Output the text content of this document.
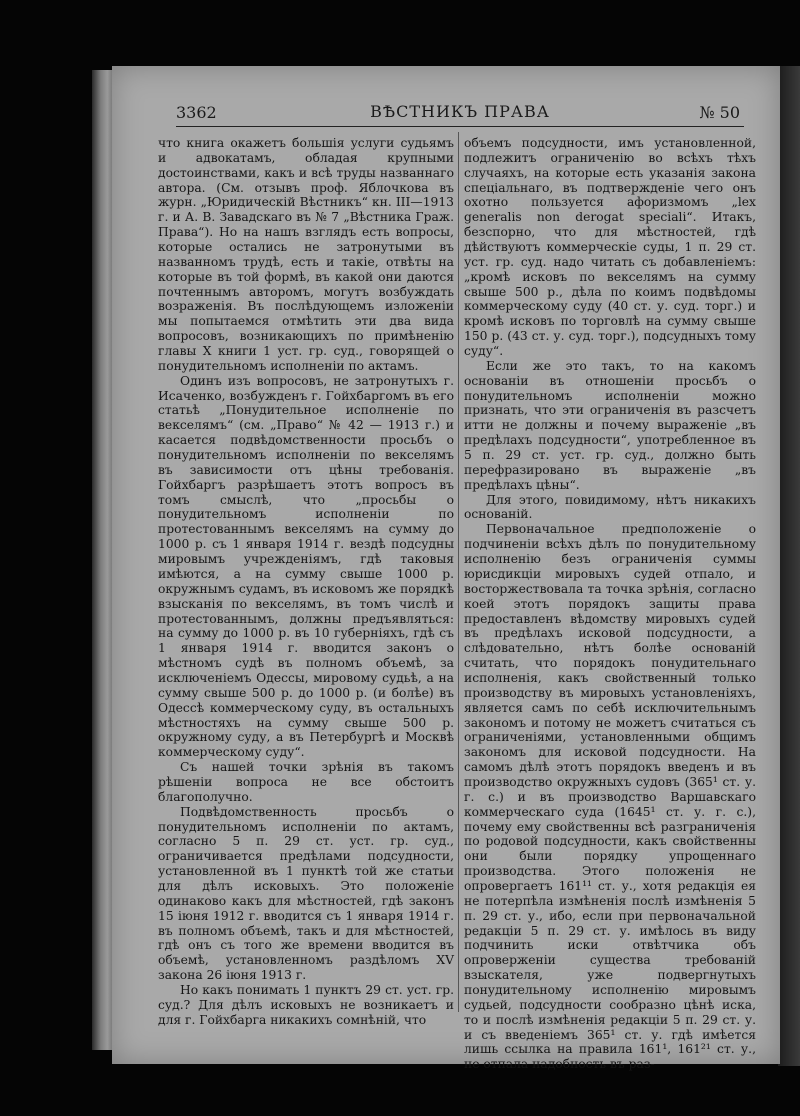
3362	ВѢСТНИКЪ ПРАВА	№ 50

что книга окажетъ большія услуги судьямъ и адвокатамъ, обладая крупными достоинствами, какъ и всѣ труды названнаго автора. (См. отзывъ проф. Яблочкова въ журн. „Юридическій Вѣстникъ“ кн. III—1913 г. и А. В. Завадскаго въ № 7 „Вѣстника Граж. Права“). Но на нашъ взглядъ есть вопросы, которые остались не затронутыми въ названномъ трудѣ, есть и такіе, отвѣты на которые въ той формѣ, въ какой они даются почтеннымъ авторомъ, могутъ возбуждать возраженія. Въ послѣдующемъ изложеніи мы попытаемся отмѣтить эти два вида вопросовъ, возникающихъ по примѣненію главы X книги 1 уст. гр. суд., говорящей о понудительномъ исполненіи по актамъ.

Одинъ изъ вопросовъ, не затронутыхъ г. Исаченко, возбужденъ г. Гойхбаргомъ въ его статьѣ „Понудительное исполненіе по векселямъ“ (см. „Право“ № 42 — 1913 г.) и касается подвѣдомственности просьбъ о понудительномъ исполненіи по векселямъ въ зависимости отъ цѣны требованія. Гойхбаргъ разрѣшаетъ этотъ вопросъ въ томъ смыслѣ, что „просьбы о понудительномъ исполненіи по протестованнымъ векселямъ на сумму до 1000 р. съ 1 января 1914 г. вездѣ подсудны мировымъ учрежденіямъ, гдѣ таковыя имѣются, а на сумму свыше 1000 р. окружнымъ судамъ, въ исковомъ же порядкѣ взысканія по векселямъ, въ томъ числѣ и протестованнымъ, должны предъявляться: на сумму до 1000 р. въ 10 губерніяхъ, гдѣ съ 1 января 1914 г. вводится законъ о мѣстномъ судѣ въ полномъ объемѣ, за исключеніемъ Одессы, мировому судьѣ, а на сумму свыше 500 р. до 1000 р. (и болѣе) въ Одессѣ коммерческому суду, въ остальныхъ мѣстностяхъ на сумму свыше 500 р. окружному суду, а въ Петербургѣ и Москвѣ коммерческому суду“.

Съ нашей точки зрѣнія въ такомъ рѣшеніи вопроса не все обстоитъ благополучно.

Подвѣдомственность просьбъ о понудительномъ исполненіи по актамъ, согласно 5 п. 29 ст. уст. гр. суд., ограничивается предѣлами подсудности, установленной въ 1 пунктѣ той же статьи для дѣлъ исковыхъ. Это положеніе одинаково какъ для мѣстностей, гдѣ законъ 15 іюня 1912 г. вводится съ 1 января 1914 г. въ полномъ объемѣ, такъ и для мѣстностей, гдѣ онъ съ того же времени вводится въ объемѣ, установленномъ раздѣломъ XV закона 26 іюня 1913 г.

Но какъ понимать 1 пунктъ 29 ст. уст. гр. суд.? Для дѣлъ исковыхъ не возникаетъ и для г. Гойхбарга никакихъ сомнѣній, что

объемъ подсудности, имъ установленной, подлежитъ ограниченію во всѣхъ тѣхъ случаяхъ, на которые есть указанія закона спеціальнаго, въ подтвержденіе чего онъ охотно пользуется афоризмомъ „lex generalis non derogat speciali“. Итакъ, безспорно, что для мѣстностей, гдѣ дѣйствуютъ коммерческіе суды, 1 п. 29 ст. уст. гр. суд. надо читать съ добавленіемъ: „кромѣ исковъ по векселямъ на сумму свыше 500 р., дѣла по коимъ подвѣдомы коммерческому суду (40 ст. у. суд. торг.) и кромѣ исковъ по торговлѣ на сумму свыше 150 р. (43 ст. у. суд. торг.), подсудныхъ тому суду“.

Если же это такъ, то на какомъ основаніи въ отношеніи просьбъ о понудительномъ исполненіи можно признать, что эти ограниченія въ разсчетъ итти не должны и почему выраженіе „въ предѣлахъ подсудности“, употребленное въ 5 п. 29 ст. уст. гр. суд., должно быть перефразировано въ выраженіе „въ предѣлахъ цѣны“.

Для этого, повидимому, нѣтъ никакихъ основаній.

Первоначальное предположеніе о подчиненіи всѣхъ дѣлъ по понудительному исполненію безъ ограниченія суммы юрисдикціи мировыхъ судей отпало, и восторжествовала та точка зрѣнія, согласно коей этотъ порядокъ защиты права предоставленъ вѣдомству мировыхъ судей въ предѣлахъ исковой подсудности, а слѣдовательно, нѣтъ болѣе основаній считать, что порядокъ понудительнаго исполненія, какъ свойственный только производству въ мировыхъ установленіяхъ, является самъ по себѣ исключительнымъ закономъ и потому не можетъ считаться съ ограниченіями, установленными общимъ закономъ для исковой подсудности. На самомъ дѣлѣ этотъ порядокъ введенъ и въ производство окружныхъ судовъ (365¹ ст. у. г. с.) и въ производство Варшавскаго коммерческаго суда (1645¹ ст. у. г. с.), почему ему свойственны всѣ разграниченія по родовой подсудности, какъ свойственны они были порядку упрощеннаго производства. Этого положенія не опровергаетъ 161¹¹ ст. у., хотя редакція ея не потерпѣла измѣненія послѣ измѣненія 5 п. 29 ст. у., ибо, если при первоначальной редакціи 5 п. 29 ст. у. имѣлось въ виду подчинить иски отвѣтчика объ опроверженіи существа требованій взыскателя, уже подвергнутыхъ понудительному исполненію мировымъ судьей, подсудности сообразно цѣнѣ иска, то и послѣ измѣненія редакціи 5 п. 29 ст. у. и съ введеніемъ 365¹ ст. у. гдѣ имѣется лишь ссылка на правила 161¹, 161²¹ ст. у., не отпала надобность въ раз-
